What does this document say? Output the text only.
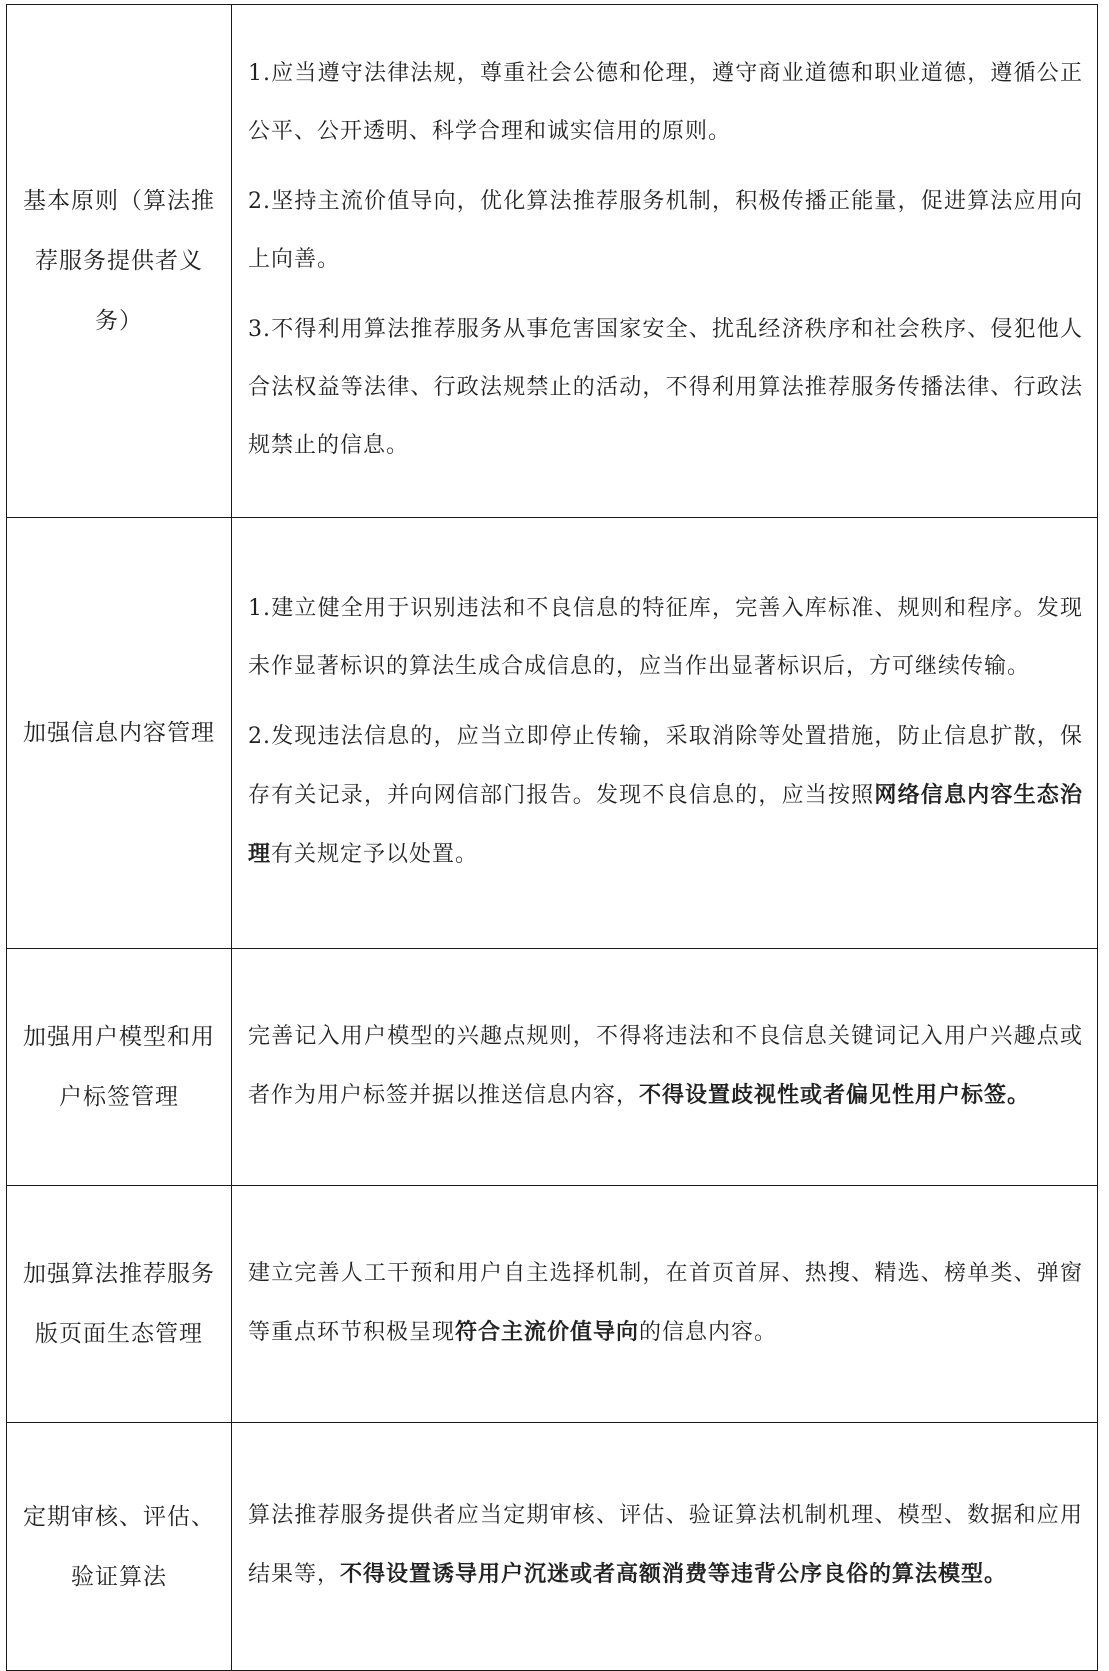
基本原则（算法推荐服务提供者义务）	1.应当遵守法律法规，尊重社会公德和伦理，遵守商业道德和职业道德，遵循公正公平、公开透明、科学合理和诚实信用的原则。

2.坚持主流价值导向，优化算法推荐服务机制，积极传播正能量，促进算法应用向上向善。

3.不得利用算法推荐服务从事危害国家安全、扰乱经济秩序和社会秩序、侵犯他人合法权益等法律、行政法规禁止的活动，不得利用算法推荐服务传播法律、行政法规禁止的信息。

加强信息内容管理	1.建立健全用于识别违法和不良信息的特征库，完善入库标准、规则和程序。发现未作显著标识的算法生成合成信息的，应当作出显著标识后，方可继续传输。

2.发现违法信息的，应当立即停止传输，采取消除等处置措施，防止信息扩散，保存有关记录，并向网信部门报告。发现不良信息的，应当按照网络信息内容生态治理有关规定予以处置。

加强用户模型和用户标签管理	完善记入用户模型的兴趣点规则，不得将违法和不良信息关键词记入用户兴趣点或者作为用户标签并据以推送信息内容，不得设置歧视性或者偏见性用户标签。

加强算法推荐服务版页面生态管理	建立完善人工干预和用户自主选择机制，在首页首屏、热搜、精选、榜单类、弹窗等重点环节积极呈现符合主流价值导向的信息内容。

定期审核、评估、验证算法	算法推荐服务提供者应当定期审核、评估、验证算法机制机理、模型、数据和应用结果等，不得设置诱导用户沉迷或者高额消费等违背公序良俗的算法模型。
